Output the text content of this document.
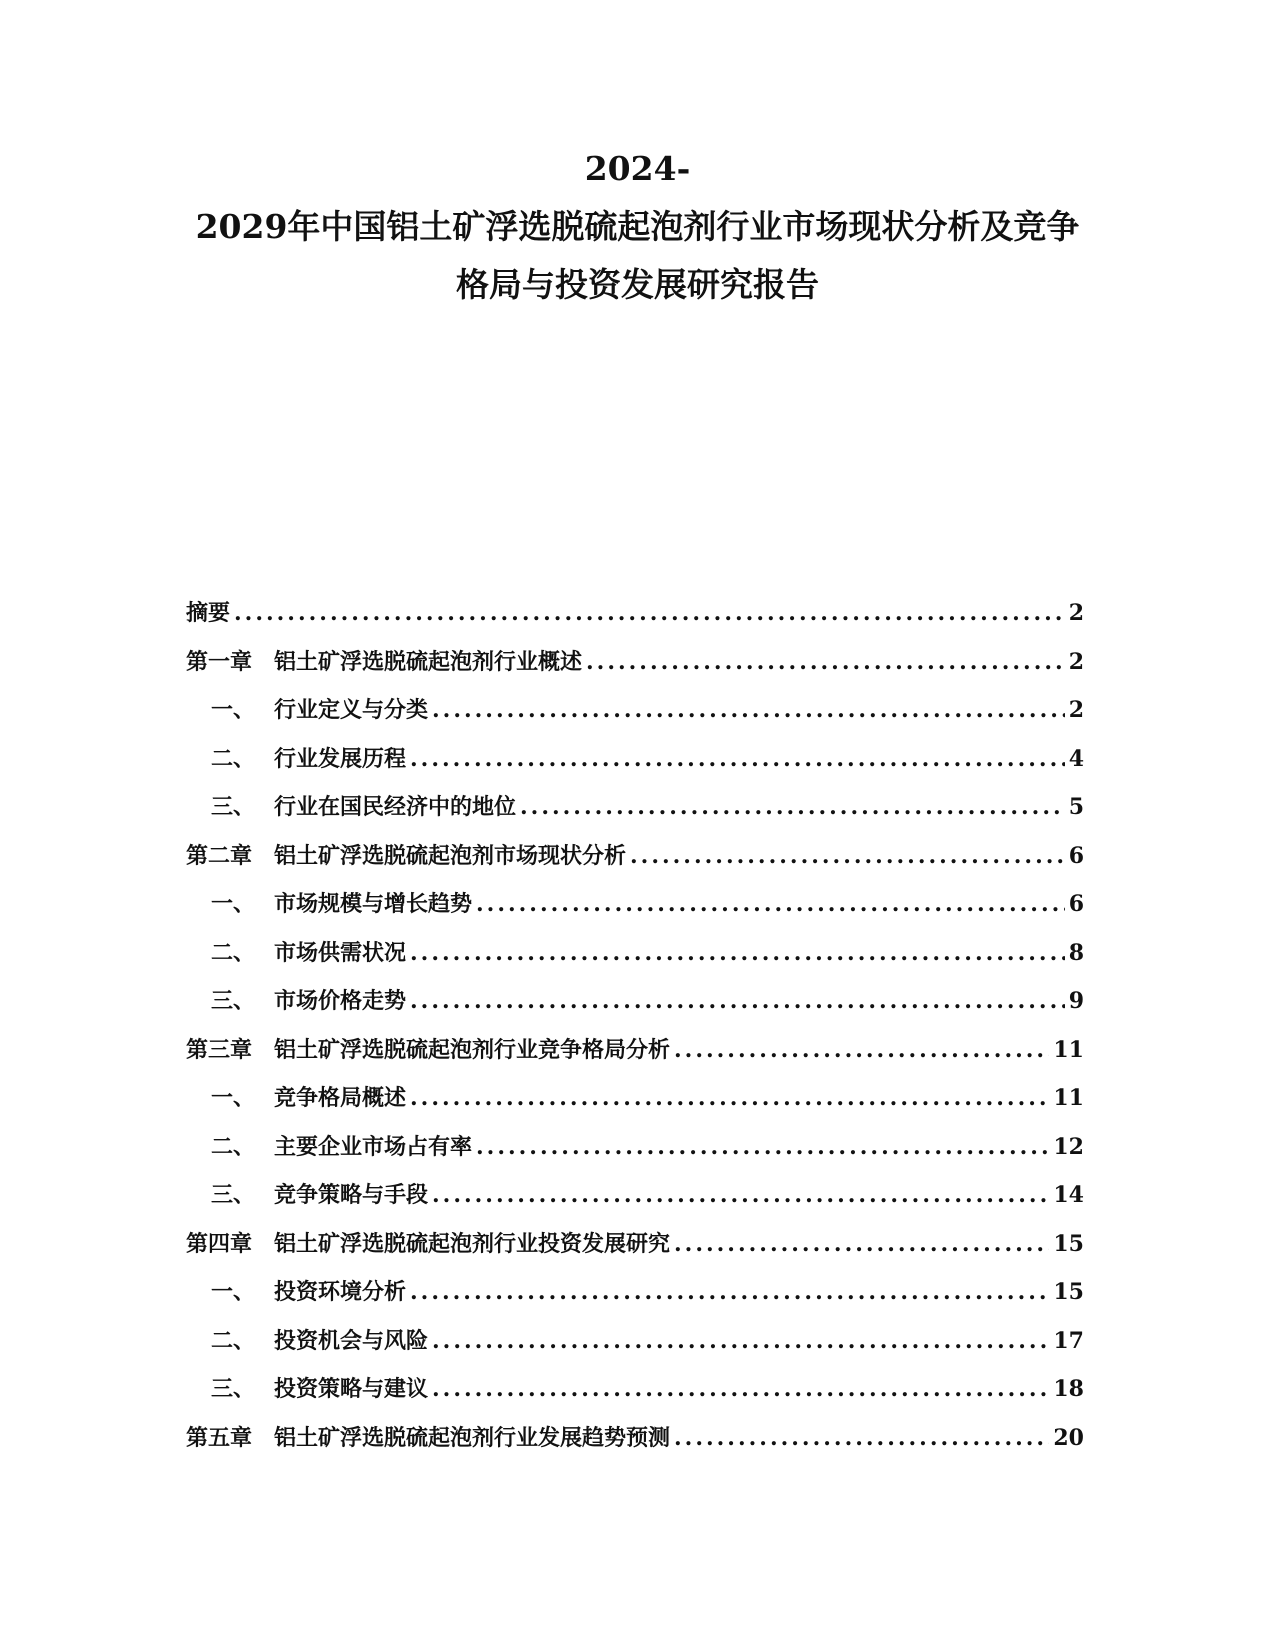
2024-
2029年中国铝土矿浮选脱硫起泡剂行业市场现状分析及竞争
格局与投资发展研究报告
摘要 .....	2
第一章 铝土矿浮选脱硫起泡剂行业概述 .....	2
一、 行业定义与分类 .....	2
二、 行业发展历程 .....	4
三、 行业在国民经济中的地位 .....	5
第二章 铝土矿浮选脱硫起泡剂市场现状分析 .....	6
一、 市场规模与增长趋势 .....	6
二、 市场供需状况 .....	8
三、 市场价格走势 .....	9
第三章 铝土矿浮选脱硫起泡剂行业竞争格局分析 .....	11
一、 竞争格局概述 .....	11
二、 主要企业市场占有率 .....	12
三、 竞争策略与手段 .....	14
第四章 铝土矿浮选脱硫起泡剂行业投资发展研究 .....	15
一、 投资环境分析 .....	15
二、 投资机会与风险 .....	17
三、 投资策略与建议 .....	18
第五章 铝土矿浮选脱硫起泡剂行业发展趋势预测 .....	20
